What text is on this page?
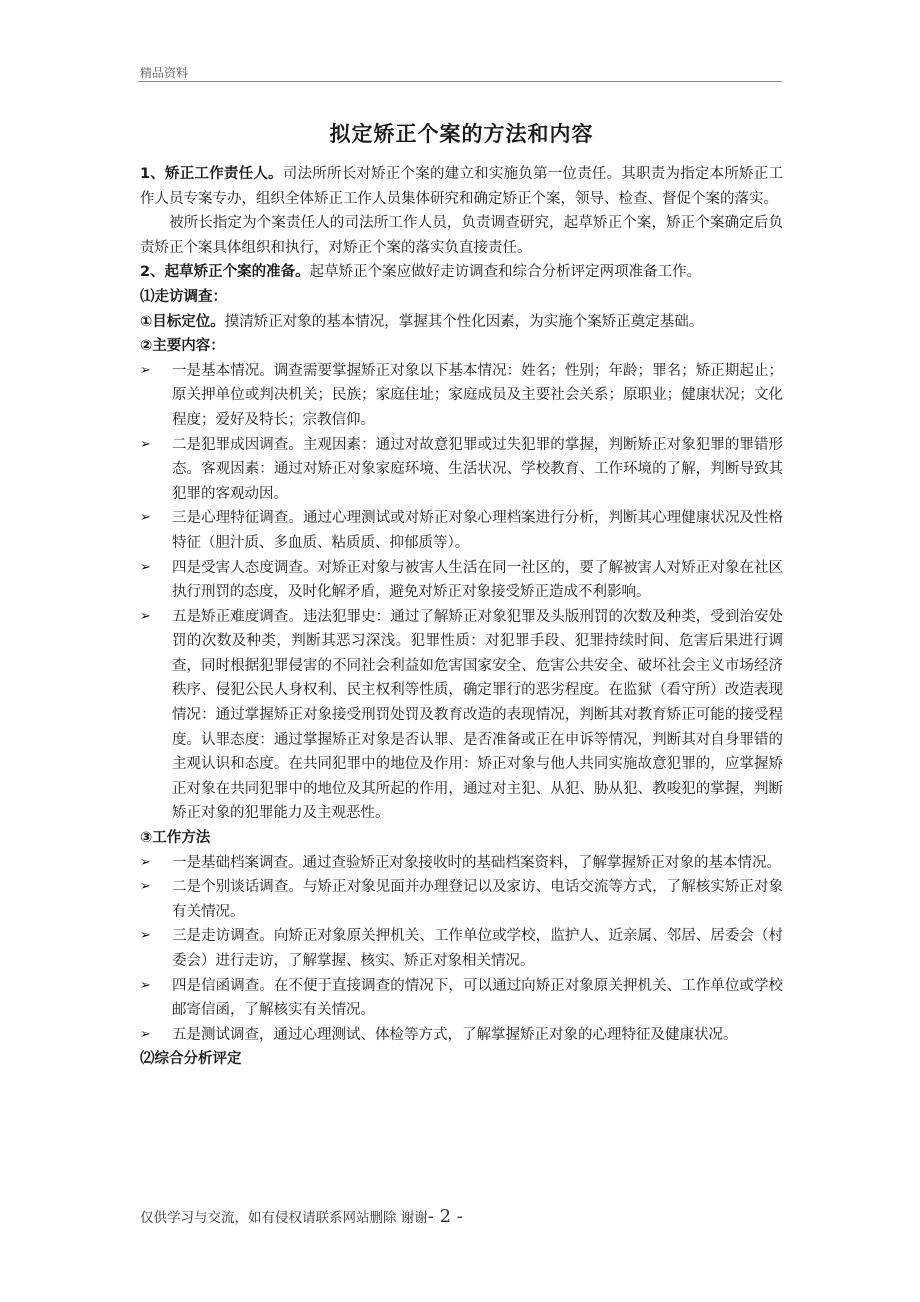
精品资料
拟定矫正个案的方法和内容

1、矫正工作责任人。司法所所长对矫正个案的建立和实施负第一位责任。其职责为指定本所矫正工作人员专案专办，组织全体矫正工作人员集体研究和确定矫正个案，领导、检查、督促个案的落实。

被所长指定为个案责任人的司法所工作人员，负责调查研究，起草矫正个案，矫正个案确定后负责矫正个案具体组织和执行，对矫正个案的落实负直接责任。

2、起草矫正个案的准备。起草矫正个案应做好走访调查和综合分析评定两项准备工作。

⑴走访调查：

①目标定位。摸清矫正对象的基本情况，掌握其个性化因素，为实施个案矫正奠定基础。

②主要内容：

➢	一是基本情况。调查需要掌握矫正对象以下基本情况：姓名；性别；年龄；罪名；矫正期起止；原关押单位或判决机关；民族；家庭住址；家庭成员及主要社会关系；原职业；健康状况；文化程度；爱好及特长；宗教信仰。
➢	二是犯罪成因调查。主观因素：通过对故意犯罪或过失犯罪的掌握，判断矫正对象犯罪的罪错形态。客观因素：通过对矫正对象家庭环境、生活状况、学校教育、工作环境的了解，判断导致其犯罪的客观动因。
➢	三是心理特征调查。通过心理测试或对矫正对象心理档案进行分析，判断其心理健康状况及性格特征（胆汁质、多血质、粘质质、抑郁质等）。
➢	四是受害人态度调查。对矫正对象与被害人生活在同一社区的，要了解被害人对矫正对象在社区执行刑罚的态度，及时化解矛盾，避免对矫正对象接受矫正造成不利影响。
➢	五是矫正难度调查。违法犯罪史：通过了解矫正对象犯罪及头版刑罚的次数及种类，受到治安处罚的次数及种类，判断其恶习深浅。犯罪性质：对犯罪手段、犯罪持续时间、危害后果进行调查，同时根据犯罪侵害的不同社会利益如危害国家安全、危害公共安全、破坏社会主义市场经济秩序、侵犯公民人身权利、民主权利等性质，确定罪行的恶劣程度。在监狱（看守所）改造表现情况：通过掌握矫正对象接受刑罚处罚及教育改造的表现情况，判断其对教育矫正可能的接受程度。认罪态度：通过掌握矫正对象是否认罪、是否准备或正在申诉等情况，判断其对自身罪错的主观认识和态度。在共同犯罪中的地位及作用：矫正对象与他人共同实施故意犯罪的，应掌握矫正对象在共同犯罪中的地位及其所起的作用，通过对主犯、从犯、胁从犯、教唆犯的掌握，判断矫正对象的犯罪能力及主观恶性。

③工作方法

➢	一是基础档案调查。通过查验矫正对象接收时的基础档案资料，了解掌握矫正对象的基本情况。
➢	二是个别谈话调查。与矫正对象见面并办理登记以及家访、电话交流等方式，了解核实矫正对象有关情况。
➢	三是走访调查。向矫正对象原关押机关、工作单位或学校，监护人、近亲属、邻居、居委会（村委会）进行走访，了解掌握、核实、矫正对象相关情况。
➢	四是信函调查。在不便于直接调查的情况下，可以通过向矫正对象原关押机关、工作单位或学校邮寄信函，了解核实有关情况。
➢	五是测试调查，通过心理测试、体检等方式，了解掌握矫正对象的心理特征及健康状况。

⑵综合分析评定

仅供学习与交流，如有侵权请联系网站删除 谢谢- 2 -
